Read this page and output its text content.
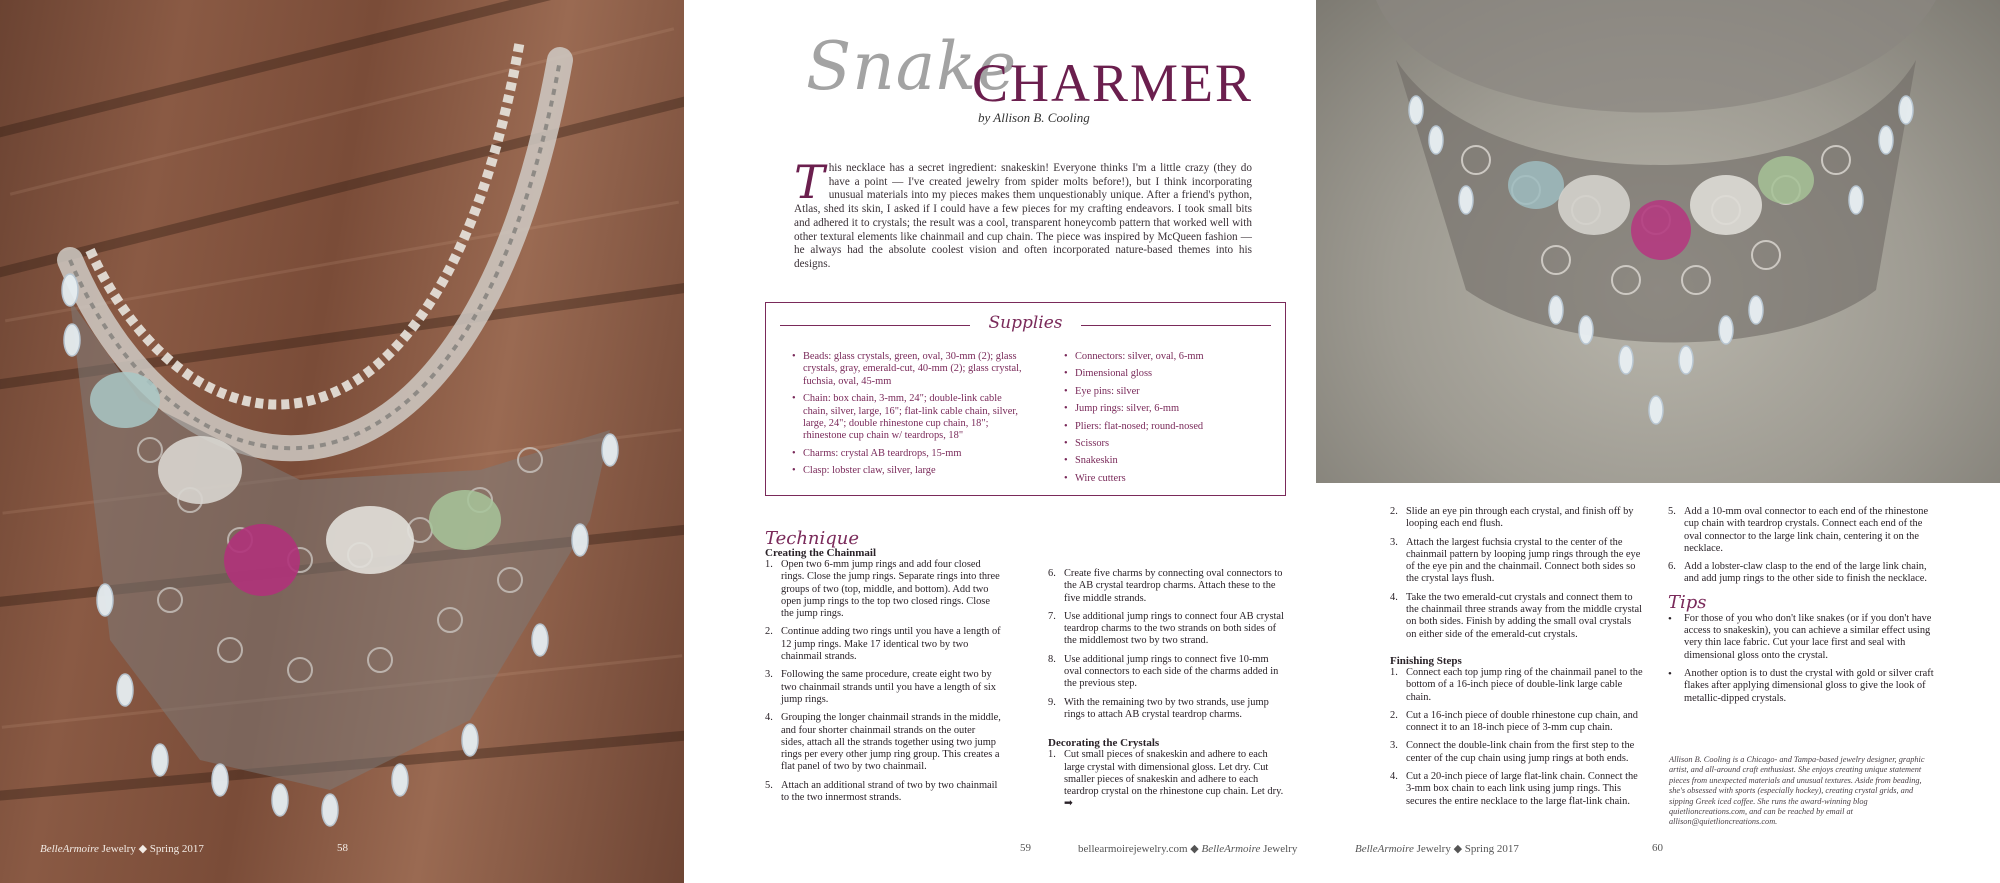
BelleArmoire Jewelry ◆ Spring 2017	58
Snake
CHARMER
by Allison B. Cooling
This necklace has a secret ingredient: snakeskin! Everyone thinks I'm a little crazy (they do have a point — I've created jewelry from spider molts before!), but I think incorporating unusual materials into my pieces makes them unquestionably unique. After a friend's python, Atlas, shed its skin, I asked if I could have a few pieces for my crafting endeavors. I took small bits and adhered it to crystals; the result was a cool, transparent honeycomb pattern that worked well with other textural elements like chainmail and cup chain. The piece was inspired by McQueen fashion — he always had the absolute coolest vision and often incorporated nature-based themes into his designs.
Supplies
• Beads: glass crystals, green, oval, 30-mm (2); glass crystals, gray, emerald-cut, 40-mm (2); glass crystal, fuchsia, oval, 45-mm
• Chain: box chain, 3-mm, 24"; double-link cable chain, silver, large, 16"; flat-link cable chain, silver, large, 24"; double rhinestone cup chain, 18"; rhinestone cup chain w/ teardrops, 18"
• Charms: crystal AB teardrops, 15-mm
• Clasp: lobster claw, silver, large
• Connectors: silver, oval, 6-mm
• Dimensional gloss
• Eye pins: silver
• Jump rings: silver, 6-mm
• Pliers: flat-nosed; round-nosed
• Scissors
• Snakeskin
• Wire cutters
Technique
Creating the Chainmail
1. Open two 6-mm jump rings and add four closed rings. Close the jump rings. Separate rings into three groups of two (top, middle, and bottom). Add two open jump rings to the top two closed rings. Close the jump rings.
2. Continue adding two rings until you have a length of 12 jump rings. Make 17 identical two by two chainmail strands.
3. Following the same procedure, create eight two by two chainmail strands until you have a length of six jump rings.
4. Grouping the longer chainmail strands in the middle, and four shorter chainmail strands on the outer sides, attach all the strands together using two jump rings per every other jump ring group. This creates a flat panel of two by two chainmail.
5. Attach an additional strand of two by two chainmail to the two innermost strands.
6. Create five charms by connecting oval connectors to the AB crystal teardrop charms. Attach these to the five middle strands.
7. Use additional jump rings to connect four AB crystal teardrop charms to the two strands on both sides of the middlemost two by two strand.
8. Use additional jump rings to connect five 10-mm oval connectors to each side of the charms added in the previous step.
9. With the remaining two by two strands, use jump rings to attach AB crystal teardrop charms.
Decorating the Crystals
1. Cut small pieces of snakeskin and adhere to each large crystal with dimensional gloss. Let dry. Cut smaller pieces of snakeskin and adhere to each teardrop crystal on the rhinestone cup chain. Let dry. ➡
59	bellearmoirejewelry.com ◆ BelleArmoire Jewelry
2. Slide an eye pin through each crystal, and finish off by looping each end flush.
3. Attach the largest fuchsia crystal to the center of the chainmail pattern by looping jump rings through the eye of the eye pin and the chainmail. Connect both sides so the crystal lays flush.
4. Take the two emerald-cut crystals and connect them to the chainmail three strands away from the middle crystal on both sides. Finish by adding the small oval crystals on either side of the emerald-cut crystals.
Finishing Steps
1. Connect each top jump ring of the chainmail panel to the bottom of a 16-inch piece of double-link large cable chain.
2. Cut a 16-inch piece of double rhinestone cup chain, and connect it to an 18-inch piece of 3-mm cup chain.
3. Connect the double-link chain from the first step to the center of the cup chain using jump rings at both ends.
4. Cut a 20-inch piece of large flat-link chain. Connect the 3-mm box chain to each link using jump rings. This secures the entire necklace to the large flat-link chain.
5. Add a 10-mm oval connector to each end of the rhinestone cup chain with teardrop crystals. Connect each end of the oval connector to the large link chain, centering it on the necklace.
6. Add a lobster-claw clasp to the end of the large link chain, and add jump rings to the other side to finish the necklace.
Tips
• For those of you who don't like snakes (or if you don't have access to snakeskin), you can achieve a similar effect using very thin lace fabric. Cut your lace first and seal with dimensional gloss onto the crystal.
• Another option is to dust the crystal with gold or silver craft flakes after applying dimensional gloss to give the look of metallic-dipped crystals.
Allison B. Cooling is a Chicago- and Tampa-based jewelry designer, graphic artist, and all-around craft enthusiast. She enjoys creating unique statement pieces from unexpected materials and unusual textures. Aside from beading, she's obsessed with sports (especially hockey), creating crystal grids, and sipping Greek iced coffee. She runs the award-winning blog quietlioncreations.com, and can be reached by email at allison@quietlioncreations.com.
BelleArmoire Jewelry ◆ Spring 2017	60
